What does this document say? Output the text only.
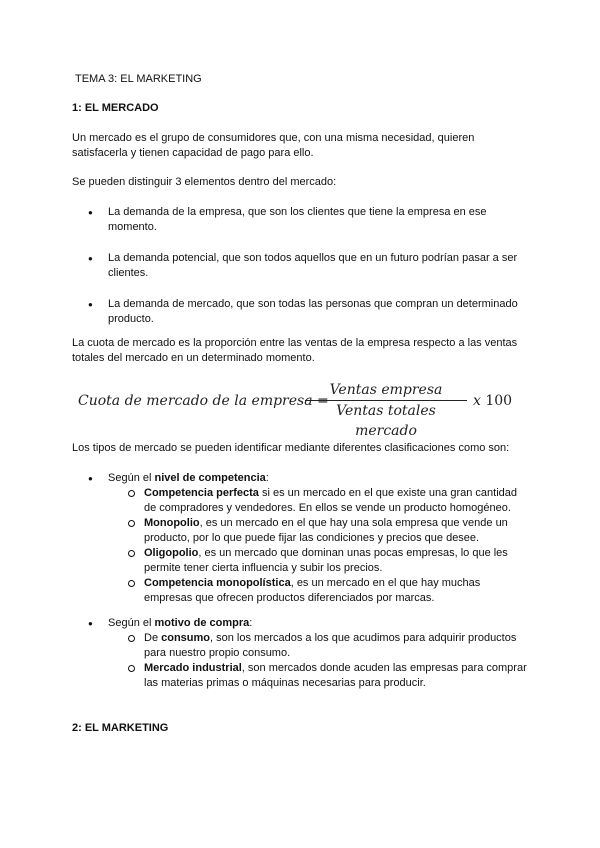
TEMA 3: EL MARKETING

1: EL MERCADO

Un mercado es el grupo de consumidores que, con una misma necesidad, quieren satisfacerla y tienen capacidad de pago para ello.

Se pueden distinguir 3 elementos dentro del mercado:

● La demanda de la empresa, que son los clientes que tiene la empresa en ese momento.
● La demanda potencial, que son todos aquellos que en un futuro podrían pasar a ser clientes.
● La demanda de mercado, que son todas las personas que compran un determinado producto.

La cuota de mercado es la proporción entre las ventas de la empresa respecto a las ventas totales del mercado en un determinado momento.

Cuota de mercado de la empresa =
Ventas empresa
Ventas totales mercado
x 100

Los tipos de mercado se pueden identificar mediante diferentes clasificaciones como son:

● Según el nivel de competencia:
Competencia perfecta si es un mercado en el que existe una gran cantidad de compradores y vendedores. En ellos se vende un producto homogéneo.
Monopolio, es un mercado en el que hay una sola empresa que vende un producto, por lo que puede fijar las condiciones y precios que desee.
Oligopolio, es un mercado que dominan unas pocas empresas, lo que les permite tener cierta influencia y subir los precios.
Competencia monopolística, es un mercado en el que hay muchas empresas que ofrecen productos diferenciados por marcas.
● Según el motivo de compra:
De consumo, son los mercados a los que acudimos para adquirir productos para nuestro propio consumo.
Mercado industrial, son mercados donde acuden las empresas para comprar las materias primas o máquinas necesarias para producir.

2: EL MARKETING
